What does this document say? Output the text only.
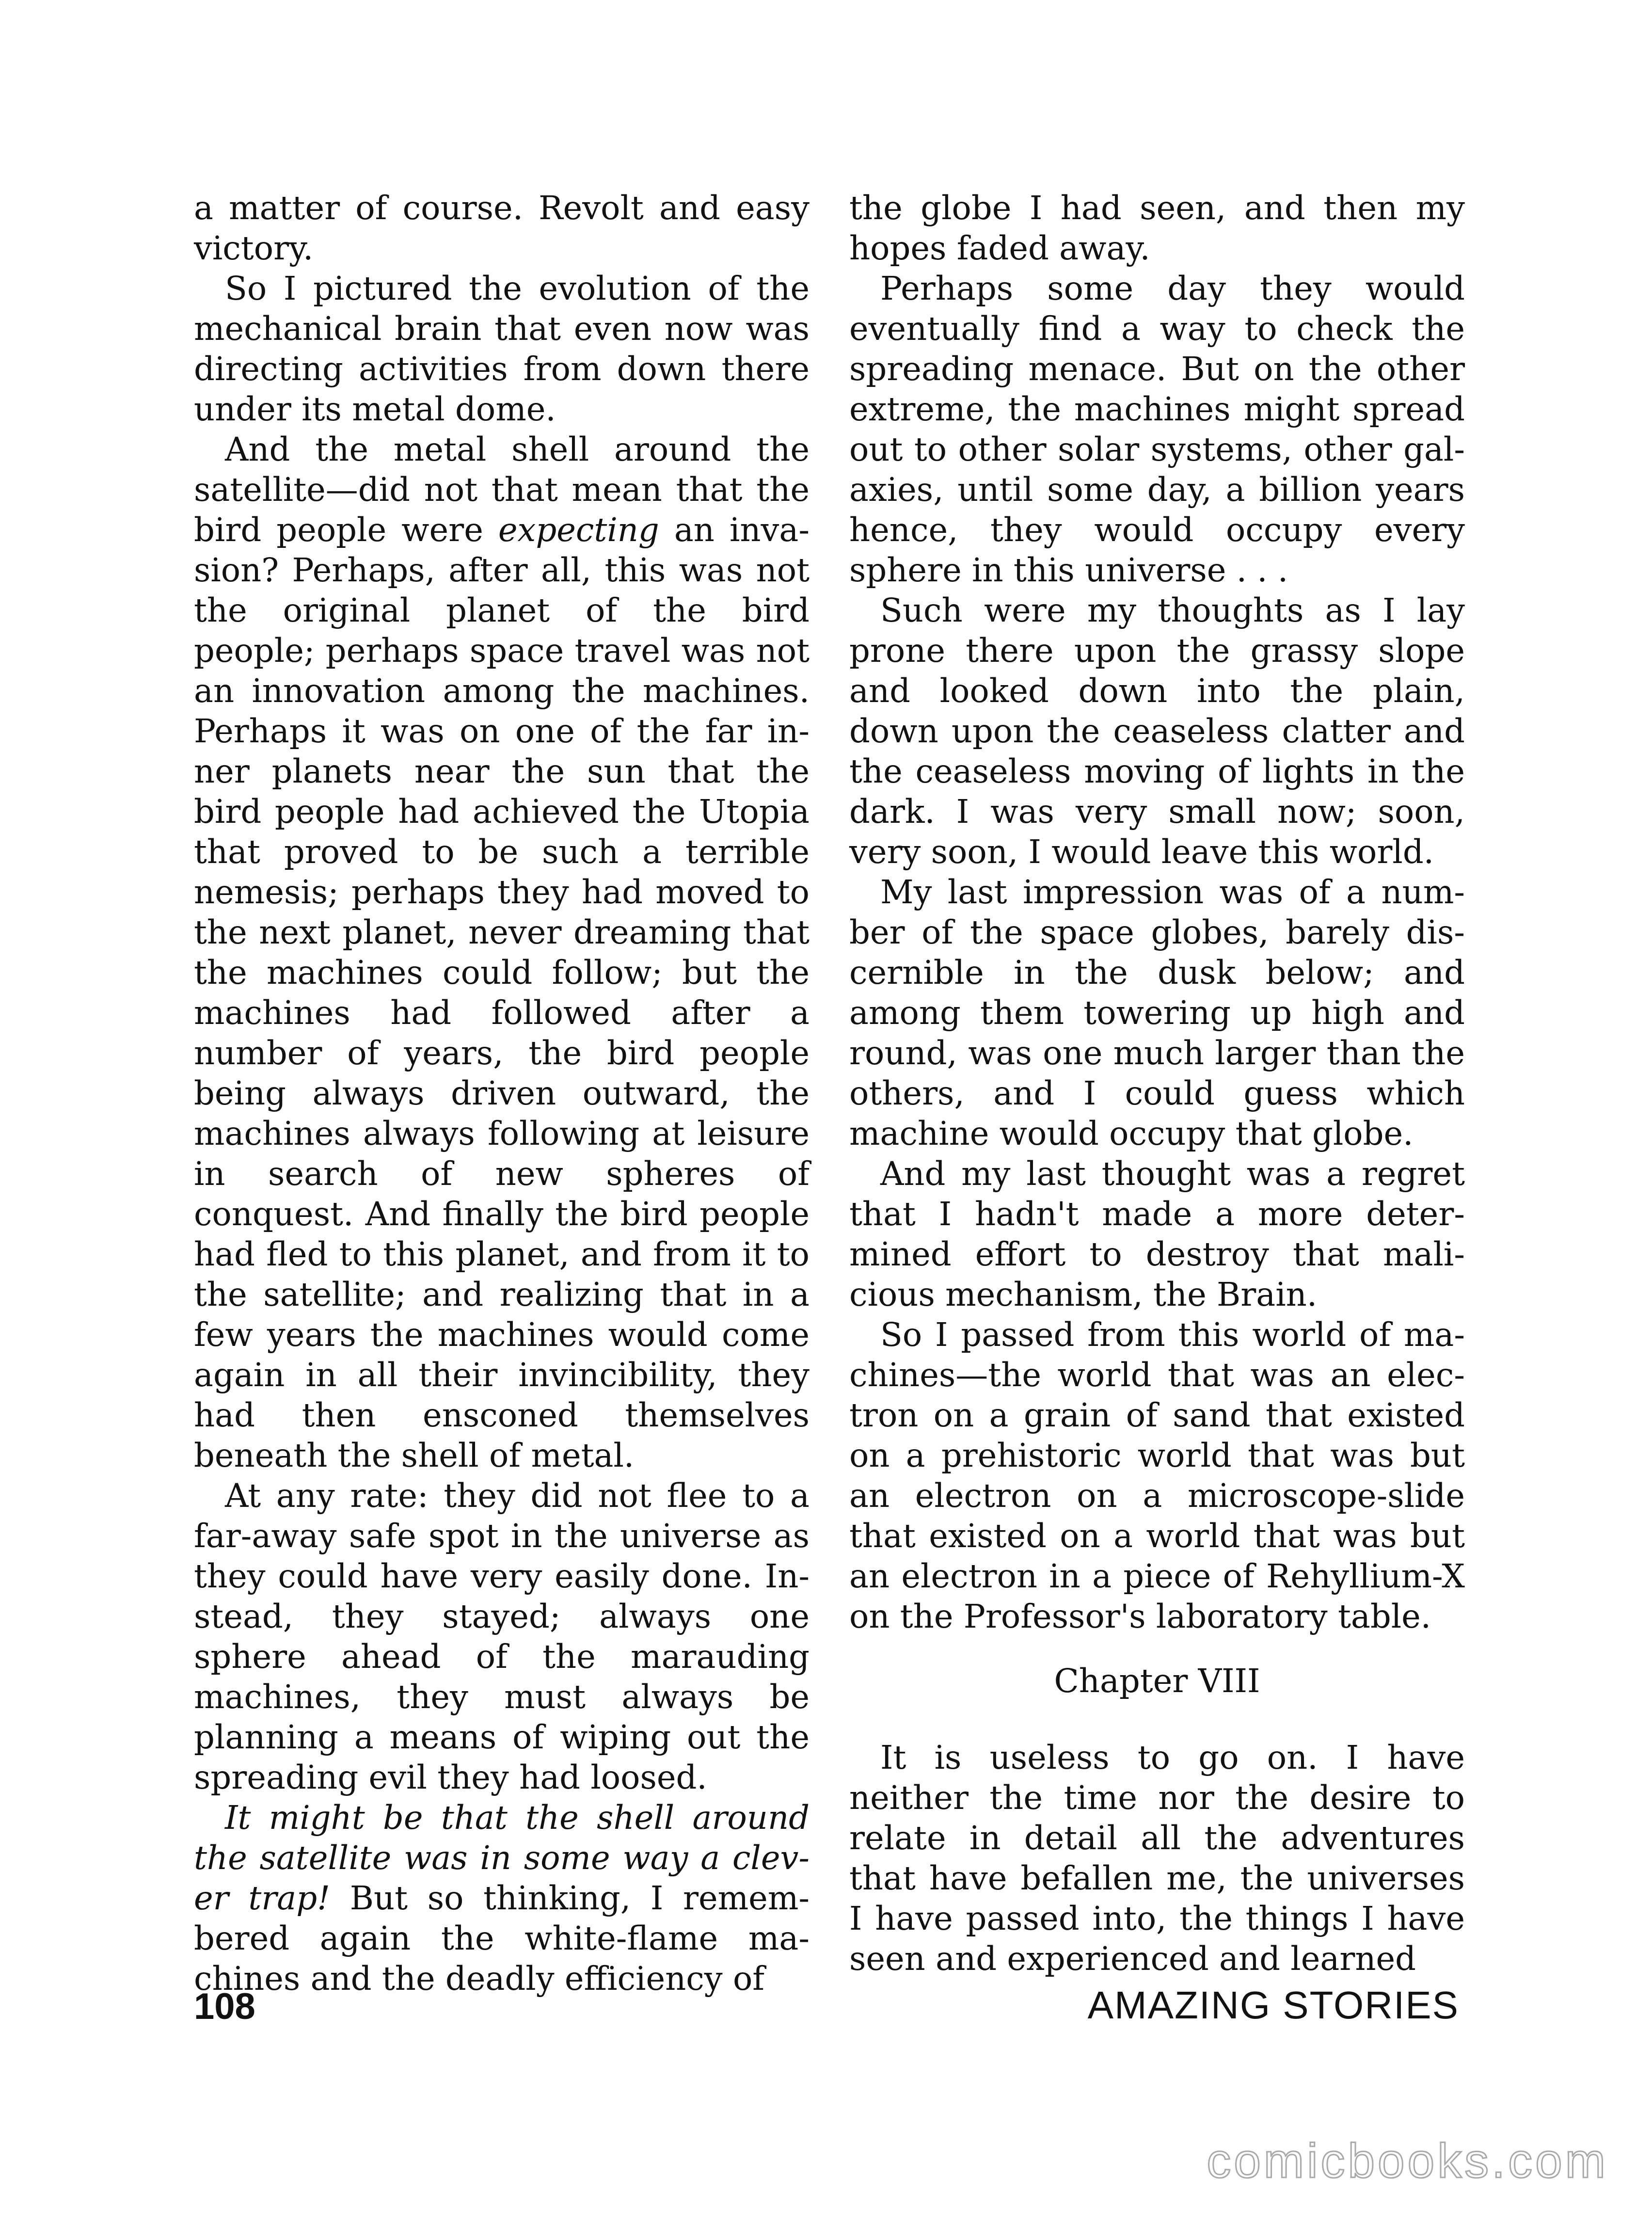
a matter of course. Revolt and easy victory.

So I pictured the evolution of the mechanical brain that even now was directing activities from down there under its metal dome.

And the metal shell around the satellite—did not that mean that the bird people were expecting an invasion? Perhaps, after all, this was not the original planet of the bird people; perhaps space travel was not an innovation among the machines. Perhaps it was on one of the far inner planets near the sun that the bird people had achieved the Utopia that proved to be such a terrible nemesis; perhaps they had moved to the next planet, never dreaming that the machines could follow; but the machines had followed after a number of years, the bird people being always driven outward, the machines always following at leisure in search of new spheres of conquest. And finally the bird people had fled to this planet, and from it to the satellite; and realizing that in a few years the machines would come again in all their invincibility, they had then ensconed themselves beneath the shell of metal.

At any rate: they did not flee to a far-away safe spot in the universe as they could have very easily done. Instead, they stayed; always one sphere ahead of the marauding machines, they must always be planning a means of wiping out the spreading evil they had loosed.

It might be that the shell around the satellite was in some way a clever trap! But so thinking, I remembered again the white-flame machines and the deadly efficiency of

the globe I had seen, and then my hopes faded away.

Perhaps some day they would eventually find a way to check the spreading menace. But on the other extreme, the machines might spread out to other solar systems, other galaxies, until some day, a billion years hence, they would occupy every sphere in this universe . . .

Such were my thoughts as I lay prone there upon the grassy slope and looked down into the plain, down upon the ceaseless clatter and the ceaseless moving of lights in the dark. I was very small now; soon, very soon, I would leave this world.

My last impression was of a number of the space globes, barely discernible in the dusk below; and among them towering up high and round, was one much larger than the others, and I could guess which machine would occupy that globe.

And my last thought was a regret that I hadn't made a more determined effort to destroy that malicious mechanism, the Brain.

So I passed from this world of machines—the world that was an electron on a grain of sand that existed on a prehistoric world that was but an electron on a microscope-slide that existed on a world that was but an electron in a piece of Rehyllium-X on the Professor's laboratory table.

Chapter VIII

It is useless to go on. I have neither the time nor the desire to relate in detail all the adventures that have befallen me, the universes I have passed into, the things I have seen and experienced and learned

108	AMAZING STORIES
comicbooks.com
